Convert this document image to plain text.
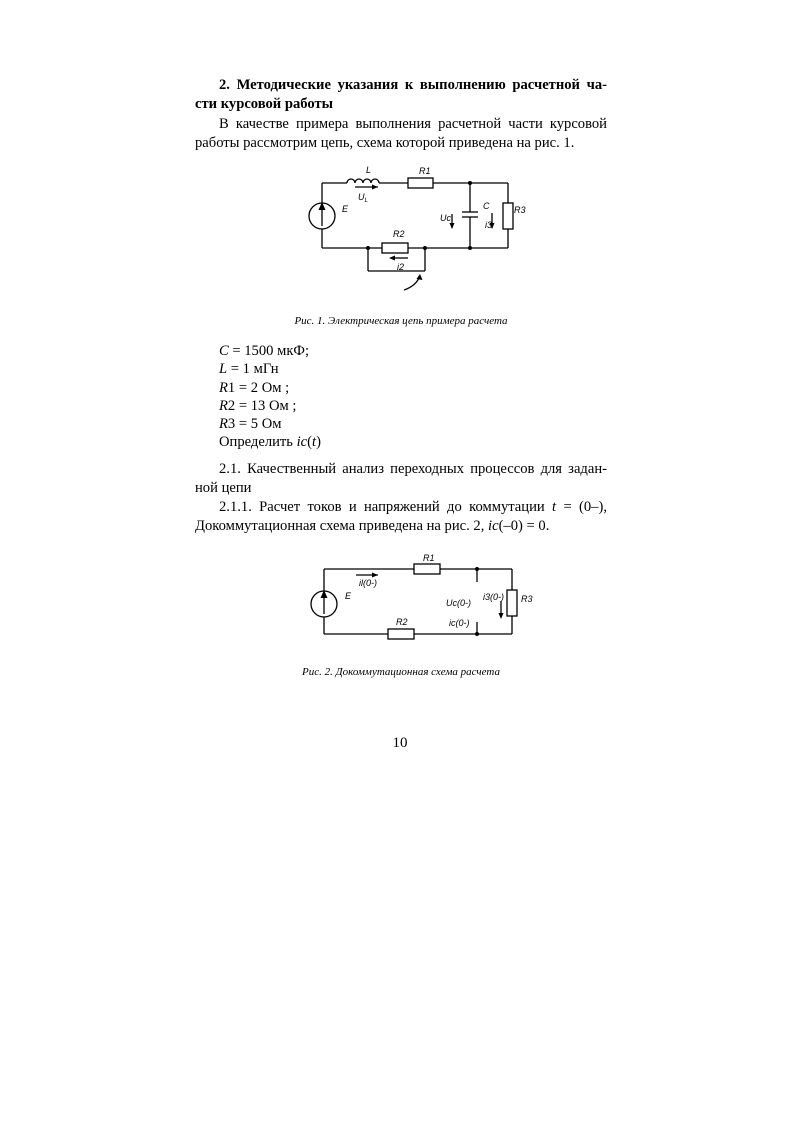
2. Методические указания к выполнению расчетной ча-
сти курсовой работы
В качестве примера выполнения расчетной части курсовой
работы рассмотрим цепь, схема которой приведена на рис. 1.
L
$U_L$
R1
E
Uc
C	R3
i3
R2
i2
Рис. 1. Электрическая цепь примера расчета
C = 1500 мкФ;
L = 1 мГн
R1 = 2 Ом ;
R2 = 13 Ом ;
R3 = 5 Ом
Определить ic(t)
2.1. Качественный анализ переходных процессов для задан-
ной цепи
2.1.1. Расчет токов и напряжений до коммутации t = (0–),
Докоммутационная схема приведена на рис. 2, ic(–0) = 0.
R1
il(0-)
E
Uc(0-)
i3(0-) R3
R2	ic(0-)
Рис. 2. Докоммутационная схема расчета
10
